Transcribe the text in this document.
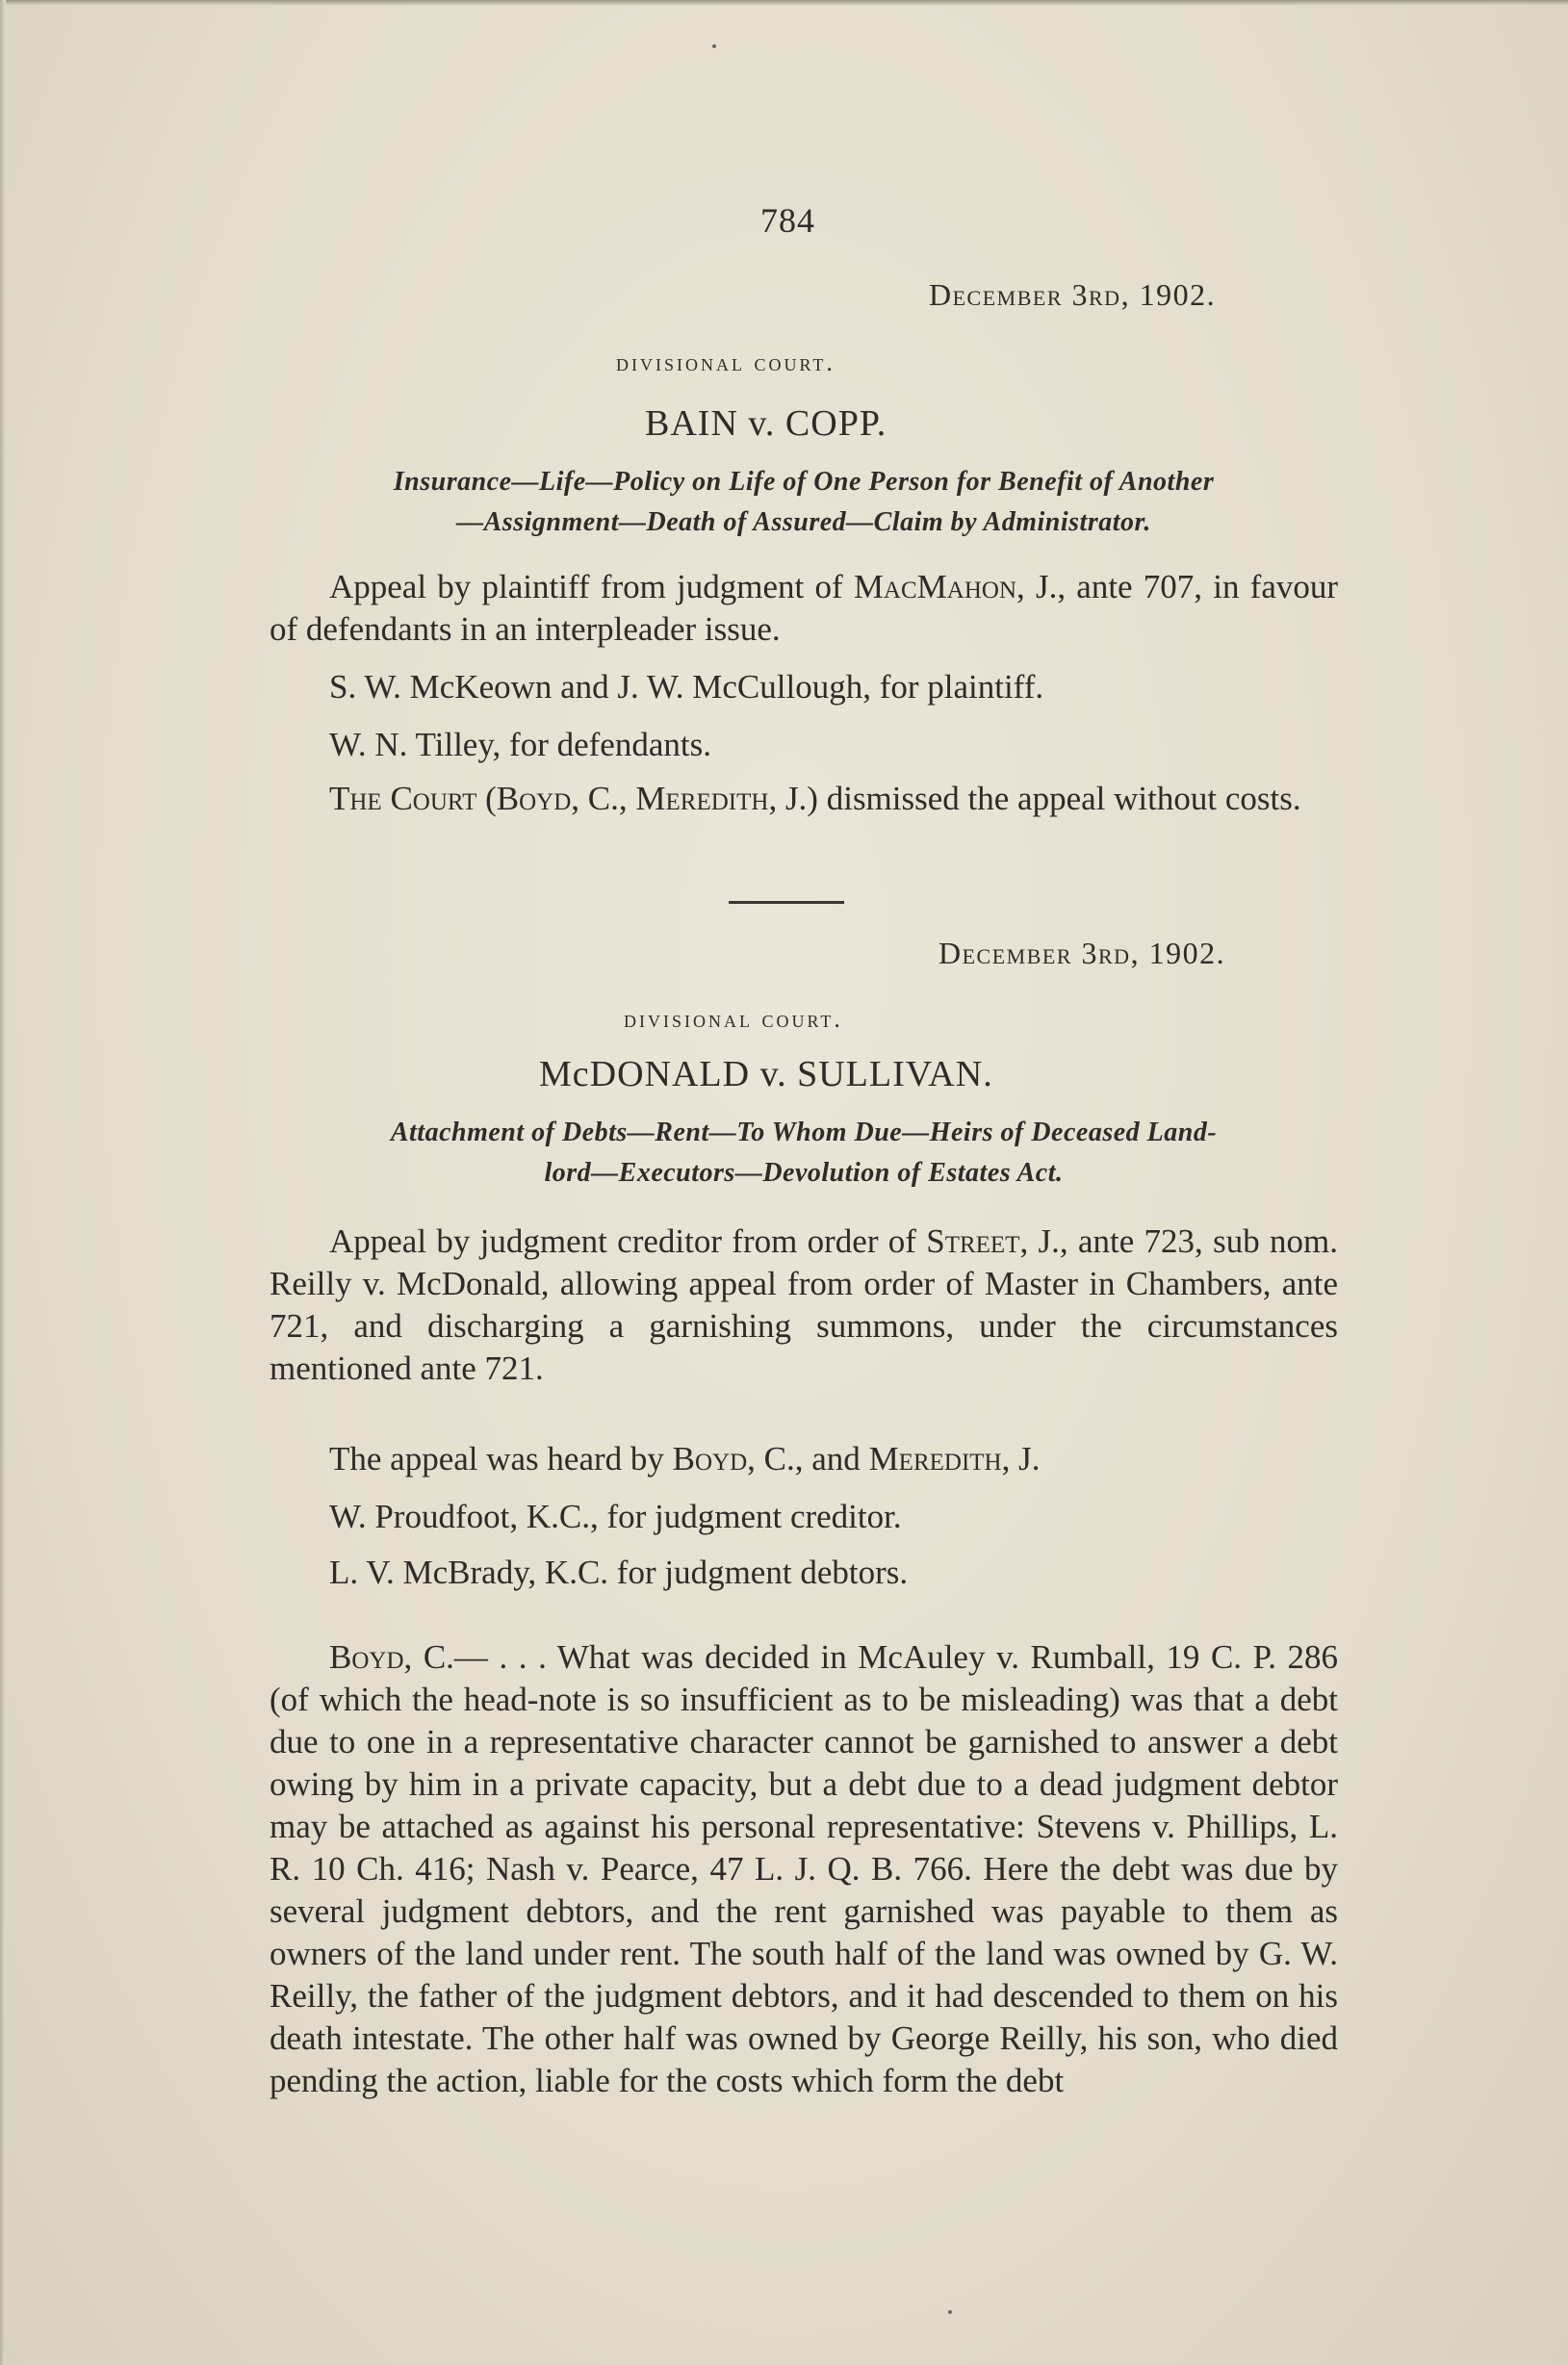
784
December 3rd, 1902.
divisional court.
BAIN v. COPP.
Insurance—Life—Policy on Life of One Person for Benefit of Another
—Assignment—Death of Assured—Claim by Administrator.

Appeal by plaintiff from judgment of MacMahon, J., ante 707, in favour of defendants in an interpleader issue.

S. W. McKeown and J. W. McCullough, for plaintiff.

W. N. Tilley, for defendants.

The Court (Boyd, C., Meredith, J.) dismissed the appeal without costs.

December 3rd, 1902.
divisional court.
McDONALD v. SULLIVAN.
Attachment of Debts—Rent—To Whom Due—Heirs of Deceased Land-
lord—Executors—Devolution of Estates Act.

Appeal by judgment creditor from order of Street, J., ante 723, sub nom. Reilly v. McDonald, allowing appeal from order of Master in Chambers, ante 721, and discharging a garnishing summons, under the circumstances mentioned ante 721.

The appeal was heard by Boyd, C., and Meredith, J.

W. Proudfoot, K.C., for judgment creditor.

L. V. McBrady, K.C. for judgment debtors.

Boyd, C.— . . . What was decided in McAuley v. Rumball, 19 C. P. 286 (of which the head-note is so insufficient as to be misleading) was that a debt due to one in a representative character cannot be garnished to answer a debt owing by him in a private capacity, but a debt due to a dead judgment debtor may be attached as against his personal representative: Stevens v. Phillips, L. R. 10 Ch. 416; Nash v. Pearce, 47 L. J. Q. B. 766. Here the debt was due by several judgment debtors, and the rent garnished was payable to them as owners of the land under rent. The south half of the land was owned by G. W. Reilly, the father of the judgment debtors, and it had descended to them on his death intestate. The other half was owned by George Reilly, his son, who died pending the action, liable for the costs which form the debt
